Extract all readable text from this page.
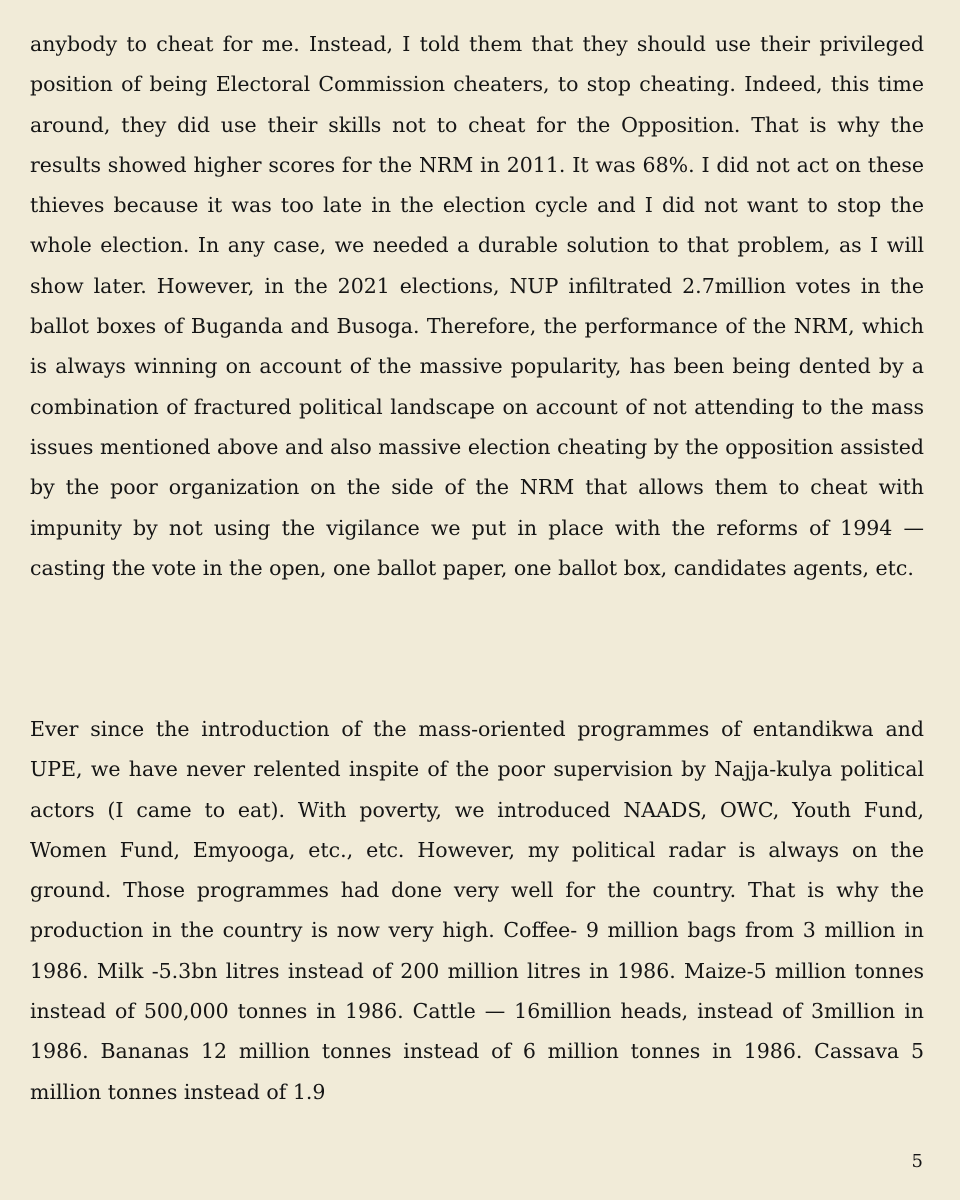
anybody to cheat for me. Instead, I told them that they should use their privileged position of being Electoral Commission cheaters, to stop cheating. Indeed, this time around, they did use their skills not to cheat for the Opposition. That is why the results showed higher scores for the NRM in 2011. It was 68%. I did not act on these thieves because it was too late in the election cycle and I did not want to stop the whole election. In any case, we needed a durable solution to that problem, as I will show later. However, in the 2021 elections, NUP infiltrated 2.7million votes in the ballot boxes of Buganda and Busoga. Therefore, the performance of the NRM, which is always winning on account of the massive popularity, has been being dented by a combination of fractured political landscape on account of not attending to the mass issues mentioned above and also massive election cheating by the opposition assisted by the poor organization on the side of the NRM that allows them to cheat with impunity by not using the vigilance we put in place with the reforms of 1994 — casting the vote in the open, one ballot paper, one ballot box, candidates agents, etc.

Ever since the introduction of the mass-oriented programmes of entandikwa and UPE, we have never relented inspite of the poor supervision by Najja-kulya political actors (I came to eat). With poverty, we introduced NAADS, OWC, Youth Fund, Women Fund, Emyooga, etc., etc. However, my political radar is always on the ground. Those programmes had done very well for the country. That is why the production in the country is now very high. Coffee- 9 million bags from 3 million in 1986. Milk -5.3bn litres instead of 200 million litres in 1986. Maize-5 million tonnes instead of 500,000 tonnes in 1986. Cattle — 16million heads, instead of 3million in 1986. Bananas 12 million tonnes instead of 6 million tonnes in 1986. Cassava 5 million tonnes instead of 1.9

5
